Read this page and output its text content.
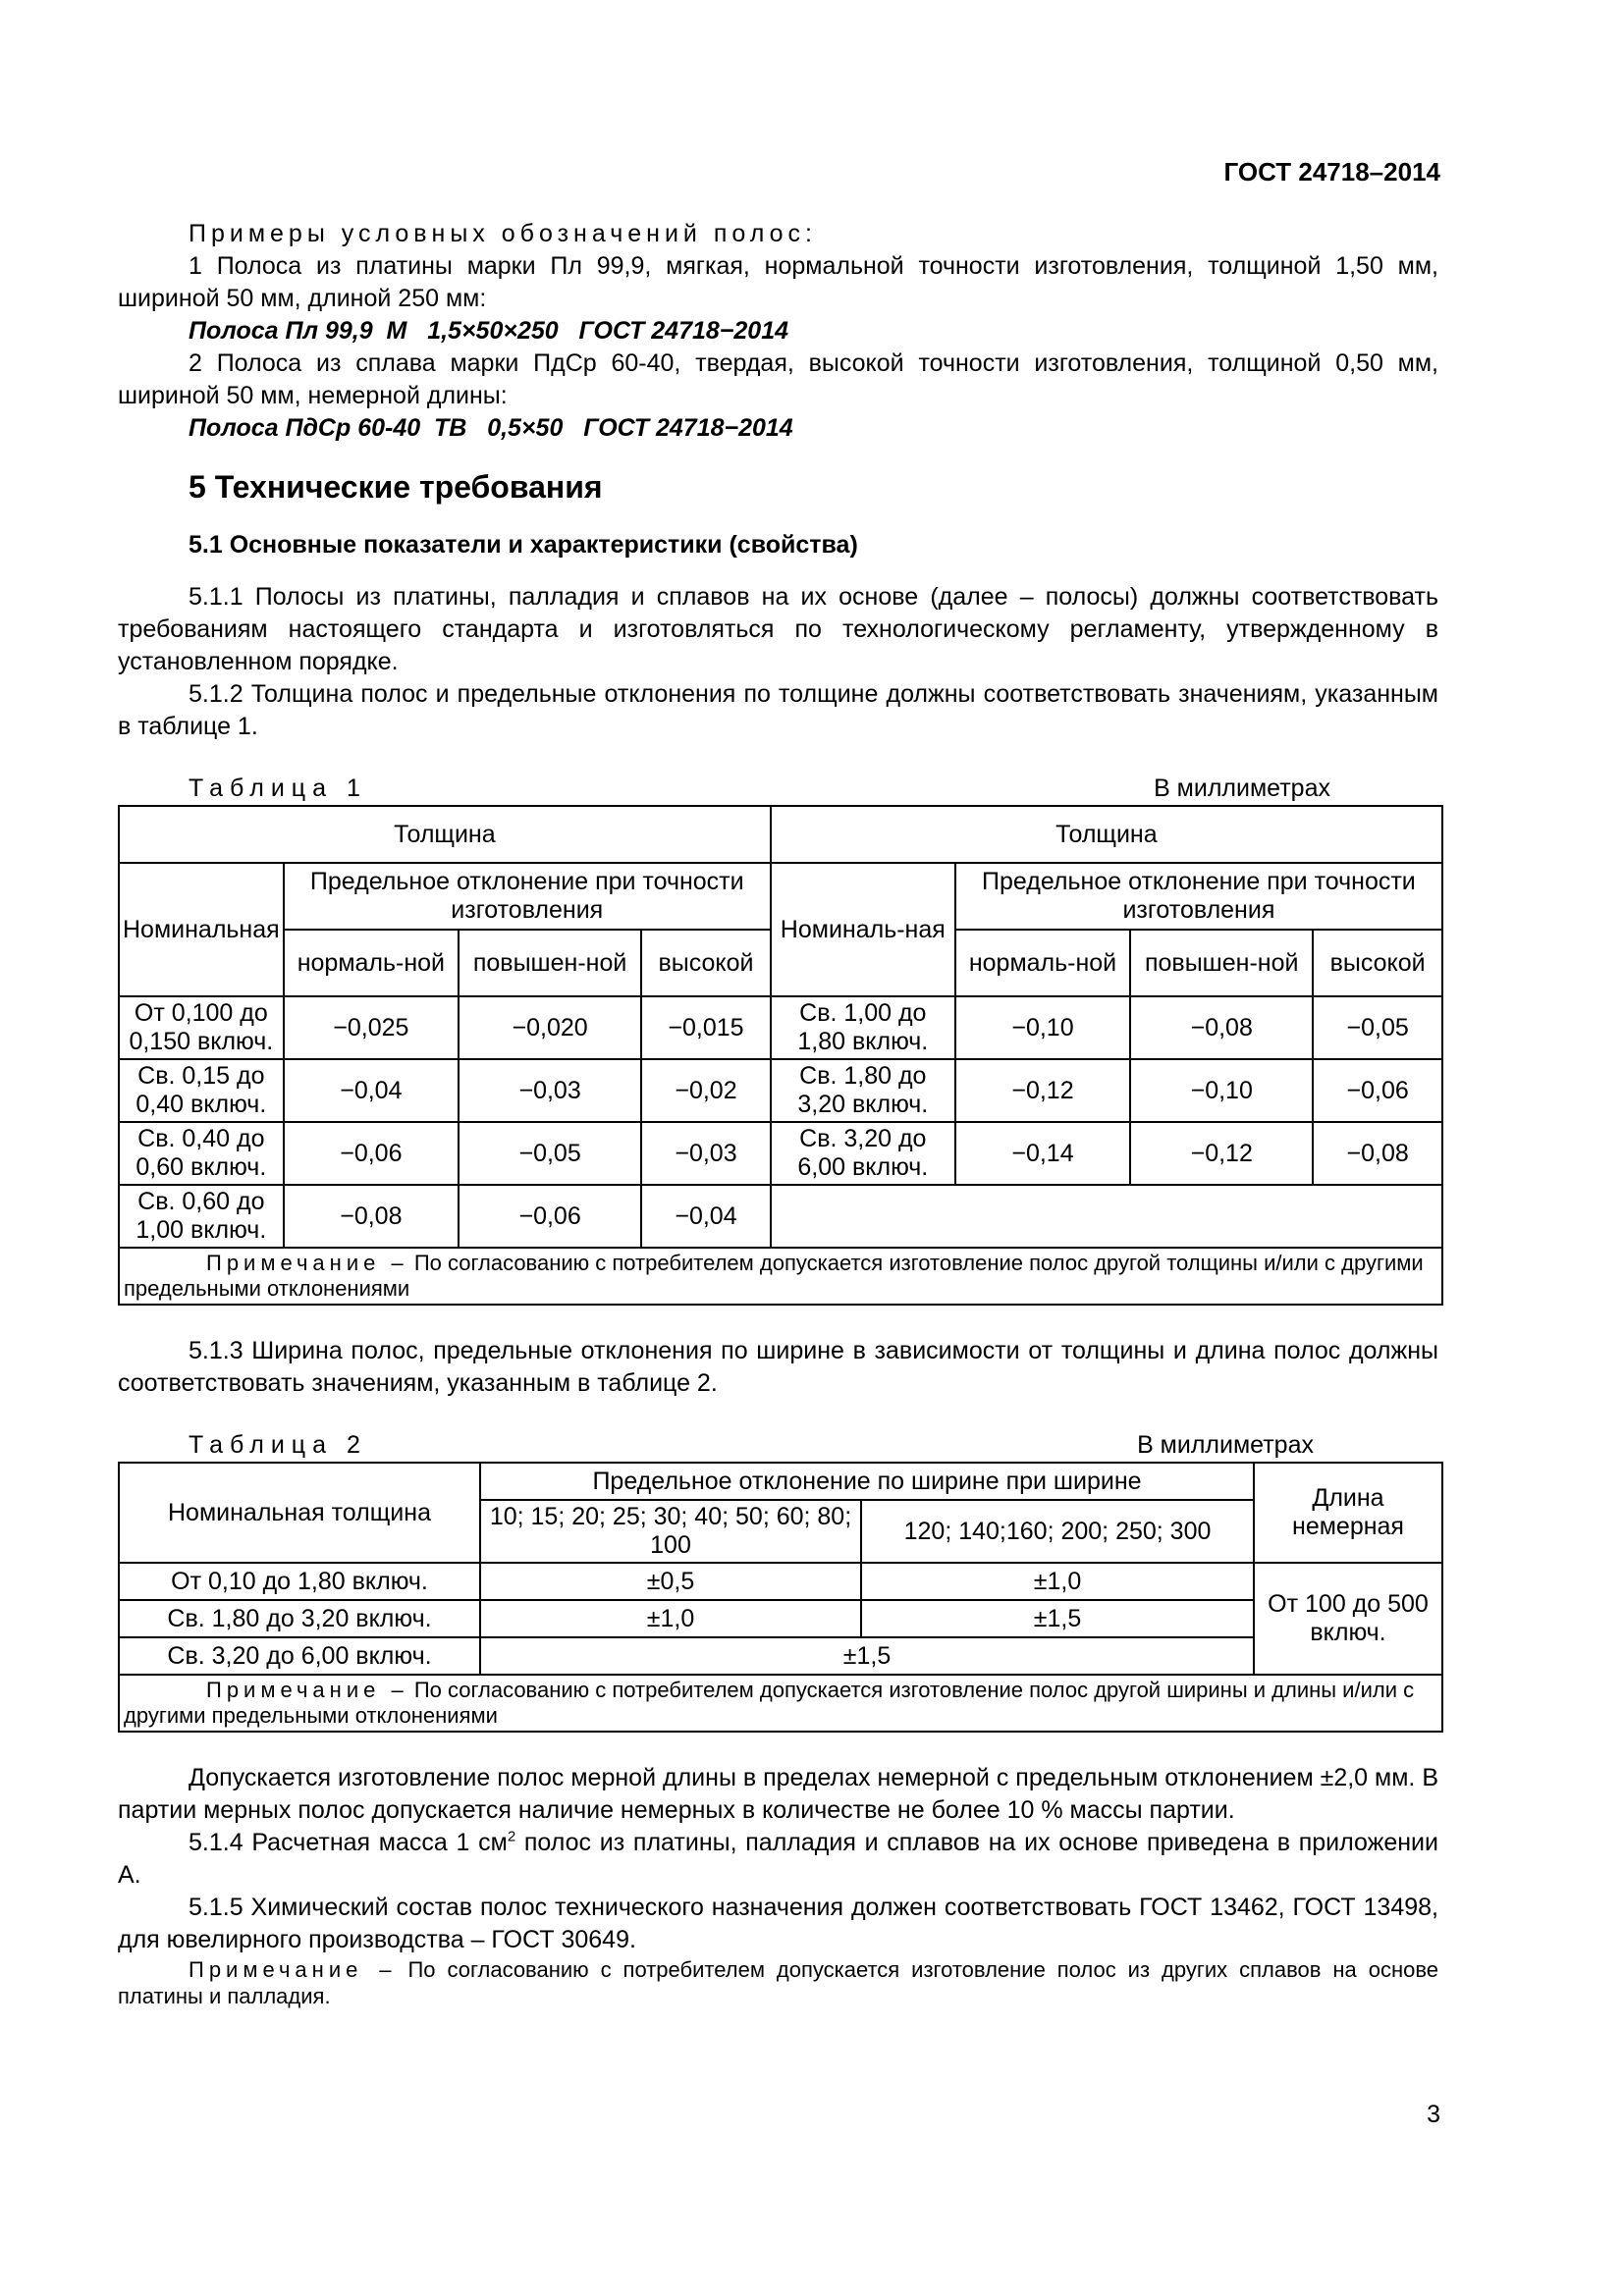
ГОСТ 24718–2014

Примеры условных обозначений полос:

1 Полоса из платины марки Пл 99,9, мягкая, нормальной точности изготовления, толщиной 1,50 мм, шириной 50 мм, длиной 250 мм:

Полоса Пл 99,9  М   1,5×50×250   ГОСТ 24718−2014

2 Полоса из сплава марки ПдСр 60-40, твердая, высокой точности изготовления, толщиной 0,50 мм, шириной 50 мм, немерной длины:

Полоса ПдСр 60-40  ТВ   0,5×50   ГОСТ 24718−2014

5 Технические требования
5.1 Основные показатели и характеристики (свойства)

5.1.1 Полосы из платины, палладия и сплавов на их основе (далее – полосы) должны соответствовать требованиям настоящего стандарта и изготовляться по технологическому регламенту, утвержденному в установленном порядке.

5.1.2 Толщина полос и предельные отклонения по толщине должны соответствовать значениям, указанным в таблице 1.

Таблица 1	В миллиметрах
Толщина				Толщина			
Номинальная	Предельное отклонение при точности изготовления			Номиналь-ная	Предельное отклонение при точности изготовления		
	нормаль-ной	повышен-ной	высокой		нормаль-ной	повышен-ной	высокой
От 0,100 до 0,150 включ.	−0,025	−0,020	−0,015	Св. 1,00 до 1,80 включ.	−0,10	−0,08	−0,05
Св. 0,15 до 0,40 включ.	−0,04	−0,03	−0,02	Св. 1,80 до 3,20 включ.	−0,12	−0,10	−0,06
Св. 0,40 до 0,60 включ.	−0,06	−0,05	−0,03	Св. 3,20 до 6,00 включ.	−0,14	−0,12	−0,08
Св. 0,60 до 1,00 включ.	−0,08	−0,06	−0,04				
Примечание – По согласованию с потребителем допускается изготовление полос другой толщины и/или с другими предельными отклонениями							

5.1.3 Ширина полос, предельные отклонения по ширине в зависимости от толщины и длина полос должны соответствовать значениям, указанным в таблице 2.

Таблица 2	В миллиметрах
Номинальная толщина	Предельное отклонение по ширине при ширине		Длина немерная
	10; 15; 20; 25; 30; 40; 50; 60; 80; 100	120; 140;160; 200; 250; 300	
От 0,10 до 1,80 включ.	±0,5	±1,0	От 100 до 500 включ.
Св. 1,80 до 3,20 включ.	±1,0	±1,5	
Св. 3,20 до 6,00 включ.	±1,5		
Примечание – По согласованию с потребителем допускается изготовление полос другой ширины и длины и/или с другими предельными отклонениями			

Допускается изготовление полос мерной длины в пределах немерной с предельным отклонением ±2,0 мм. В партии мерных полос допускается наличие немерных в количестве не более 10 % массы партии.

5.1.4 Расчетная масса 1 $см^2$ полос из платины, палладия и сплавов на их основе приведена в приложении А.

5.1.5 Химический состав полос технического назначения должен соответствовать ГОСТ 13462, ГОСТ 13498, для ювелирного производства – ГОСТ 30649.

Примечание – По согласованию с потребителем допускается изготовление полос из других сплавов на основе платины и палладия.

3
